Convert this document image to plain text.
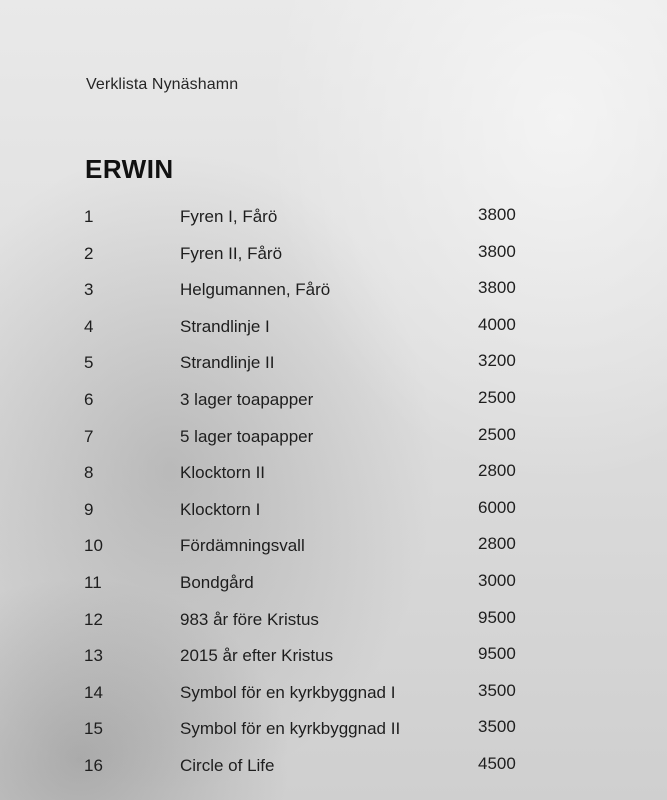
Verklista Nynäshamn
ERWIN
1	Fyren I, Fårö	3800
2	Fyren II, Fårö	3800
3	Helgumannen, Fårö	3800
4	Strandlinje I	4000
5	Strandlinje II	3200
6	3 lager toapapper	2500
7	5 lager toapapper	2500
8	Klocktorn II	2800
9	Klocktorn I	6000
10	Fördämningsvall	2800
11	Bondgård	3000
12	983 år före Kristus	9500
13	2015 år efter Kristus	9500
14	Symbol för en kyrkbyggnad I	3500
15	Symbol för en kyrkbyggnad II	3500
16	Circle of Life	4500
